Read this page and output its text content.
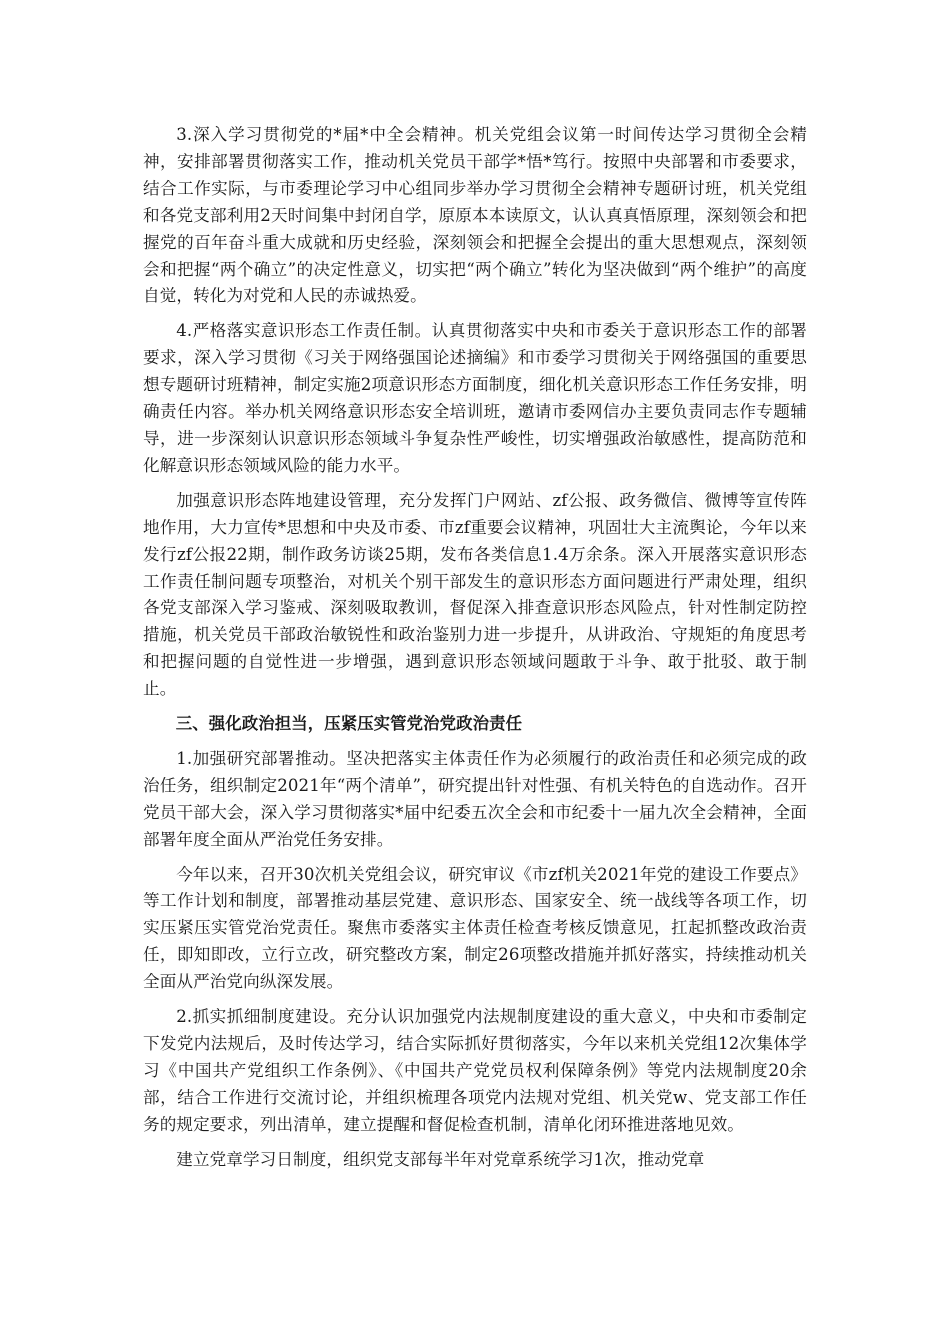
3.深入学习贯彻党的*届*中全会精神。机关党组会议第一时间传达学习贯彻全会精神，安排部署贯彻落实工作，推动机关党员干部学*悟*笃行。按照中央部署和市委要求，结合工作实际，与市委理论学习中心组同步举办学习贯彻全会精神专题研讨班，机关党组和各党支部利用2天时间集中封闭自学，原原本本读原文，认认真真悟原理，深刻领会和把握党的百年奋斗重大成就和历史经验，深刻领会和把握全会提出的重大思想观点，深刻领会和把握“两个确立”的决定性意义，切实把“两个确立”转化为坚决做到“两个维护”的高度自觉，转化为对党和人民的赤诚热爱。

4.严格落实意识形态工作责任制。认真贯彻落实中央和市委关于意识形态工作的部署要求，深入学习贯彻《习关于网络强国论述摘编》和市委学习贯彻关于网络强国的重要思想专题研讨班精神，制定实施2项意识形态方面制度，细化机关意识形态工作任务安排，明确责任内容。举办机关网络意识形态安全培训班，邀请市委网信办主要负责同志作专题辅导，进一步深刻认识意识形态领域斗争复杂性严峻性，切实增强政治敏感性，提高防范和化解意识形态领域风险的能力水平。

加强意识形态阵地建设管理，充分发挥门户网站、zf公报、政务微信、微博等宣传阵地作用，大力宣传*思想和中央及市委、市zf重要会议精神，巩固壮大主流舆论，今年以来发行zf公报22期，制作政务访谈25期，发布各类信息1.4万余条。深入开展落实意识形态工作责任制问题专项整治，对机关个别干部发生的意识形态方面问题进行严肃处理，组织各党支部深入学习鉴戒、深刻吸取教训，督促深入排查意识形态风险点，针对性制定防控措施，机关党员干部政治敏锐性和政治鉴别力进一步提升，从讲政治、守规矩的角度思考和把握问题的自觉性进一步增强，遇到意识形态领域问题敢于斗争、敢于批驳、敢于制止。

三、强化政治担当，压紧压实管党治党政治责任

1.加强研究部署推动。坚决把落实主体责任作为必须履行的政治责任和必须完成的政治任务，组织制定2021年“两个清单”，研究提出针对性强、有机关特色的自选动作。召开党员干部大会，深入学习贯彻落实*届中纪委五次全会和市纪委十一届九次全会精神，全面部署年度全面从严治党任务安排。

今年以来，召开30次机关党组会议，研究审议《市zf机关2021年党的建设工作要点》等工作计划和制度，部署推动基层党建、意识形态、国家安全、统一战线等各项工作，切实压紧压实管党治党责任。聚焦市委落实主体责任检查考核反馈意见，扛起抓整改政治责任，即知即改，立行立改，研究整改方案，制定26项整改措施并抓好落实，持续推动机关全面从严治党向纵深发展。

2.抓实抓细制度建设。充分认识加强党内法规制度建设的重大意义，中央和市委制定下发党内法规后，及时传达学习，结合实际抓好贯彻落实，今年以来机关党组12次集体学习《中国共产党组织工作条例》、《中国共产党党员权利保障条例》等党内法规制度20余部，结合工作进行交流讨论，并组织梳理各项党内法规对党组、机关党w、党支部工作任务的规定要求，列出清单，建立提醒和督促检查机制，清单化闭环推进落地见效。

建立党章学习日制度，组织党支部每半年对党章系统学习1次，推动党章
